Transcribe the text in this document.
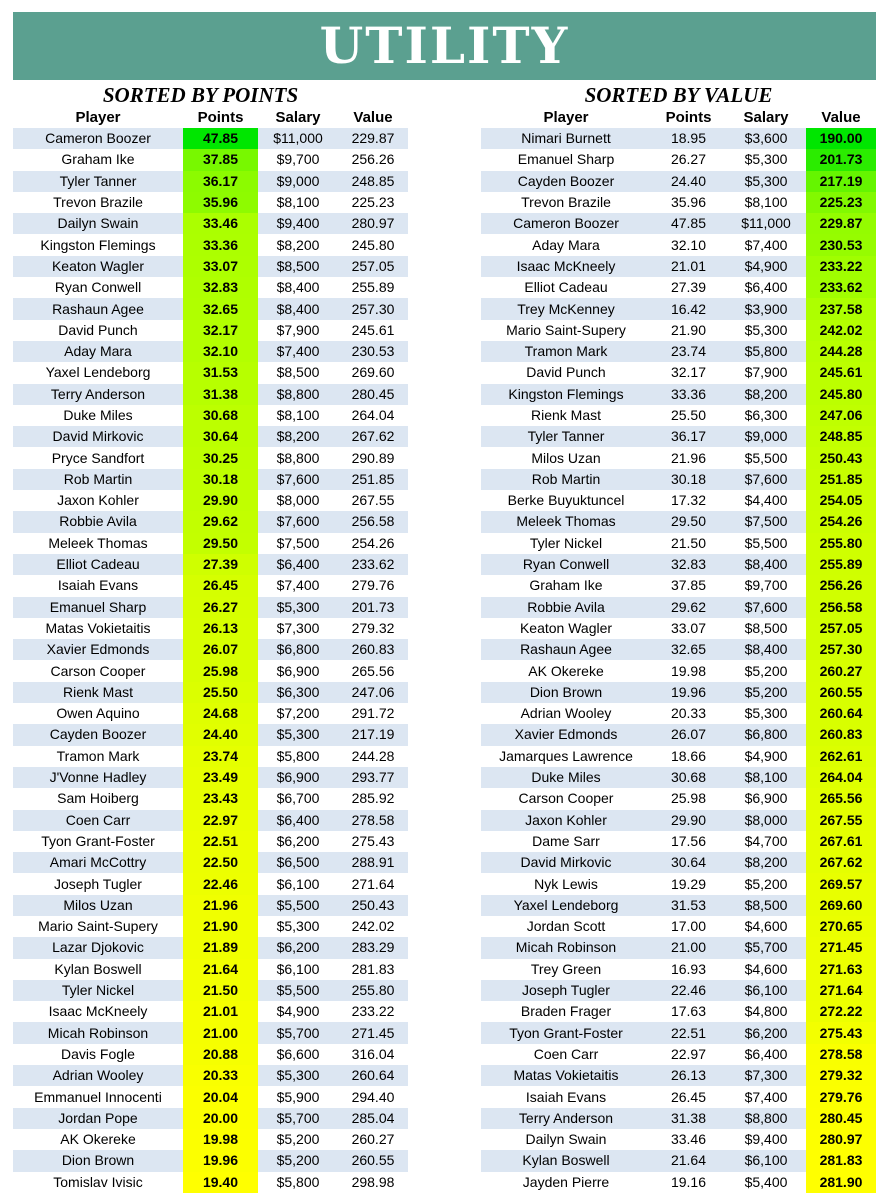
UTILITY
SORTED BY POINTS
Player	Points	Salary	Value
Cameron Boozer	47.85	$11,000	229.87
Graham Ike	37.85	$9,700	256.26
Tyler Tanner	36.17	$9,000	248.85
Trevon Brazile	35.96	$8,100	225.23
Dailyn Swain	33.46	$9,400	280.97
Kingston Flemings	33.36	$8,200	245.80
Keaton Wagler	33.07	$8,500	257.05
Ryan Conwell	32.83	$8,400	255.89
Rashaun Agee	32.65	$8,400	257.30
David Punch	32.17	$7,900	245.61
Aday Mara	32.10	$7,400	230.53
Yaxel Lendeborg	31.53	$8,500	269.60
Terry Anderson	31.38	$8,800	280.45
Duke Miles	30.68	$8,100	264.04
David Mirkovic	30.64	$8,200	267.62
Pryce Sandfort	30.25	$8,800	290.89
Rob Martin	30.18	$7,600	251.85
Jaxon Kohler	29.90	$8,000	267.55
Robbie Avila	29.62	$7,600	256.58
Meleek Thomas	29.50	$7,500	254.26
Elliot Cadeau	27.39	$6,400	233.62
Isaiah Evans	26.45	$7,400	279.76
Emanuel Sharp	26.27	$5,300	201.73
Matas Vokietaitis	26.13	$7,300	279.32
Xavier Edmonds	26.07	$6,800	260.83
Carson Cooper	25.98	$6,900	265.56
Rienk Mast	25.50	$6,300	247.06
Owen Aquino	24.68	$7,200	291.72
Cayden Boozer	24.40	$5,300	217.19
Tramon Mark	23.74	$5,800	244.28
J'Vonne Hadley	23.49	$6,900	293.77
Sam Hoiberg	23.43	$6,700	285.92
Coen Carr	22.97	$6,400	278.58
Tyon Grant-Foster	22.51	$6,200	275.43
Amari McCottry	22.50	$6,500	288.91
Joseph Tugler	22.46	$6,100	271.64
Milos Uzan	21.96	$5,500	250.43
Mario Saint-Supery	21.90	$5,300	242.02
Lazar Djokovic	21.89	$6,200	283.29
Kylan Boswell	21.64	$6,100	281.83
Tyler Nickel	21.50	$5,500	255.80
Isaac McKneely	21.01	$4,900	233.22
Micah Robinson	21.00	$5,700	271.45
Davis Fogle	20.88	$6,600	316.04
Adrian Wooley	20.33	$5,300	260.64
Emmanuel Innocenti	20.04	$5,900	294.40
Jordan Pope	20.00	$5,700	285.04
AK Okereke	19.98	$5,200	260.27
Dion Brown	19.96	$5,200	260.55
Tomislav Ivisic	19.40	$5,800	298.98
SORTED BY VALUE
Player	Points	Salary	Value
Nimari Burnett	18.95	$3,600	190.00
Emanuel Sharp	26.27	$5,300	201.73
Cayden Boozer	24.40	$5,300	217.19
Trevon Brazile	35.96	$8,100	225.23
Cameron Boozer	47.85	$11,000	229.87
Aday Mara	32.10	$7,400	230.53
Isaac McKneely	21.01	$4,900	233.22
Elliot Cadeau	27.39	$6,400	233.62
Trey McKenney	16.42	$3,900	237.58
Mario Saint-Supery	21.90	$5,300	242.02
Tramon Mark	23.74	$5,800	244.28
David Punch	32.17	$7,900	245.61
Kingston Flemings	33.36	$8,200	245.80
Rienk Mast	25.50	$6,300	247.06
Tyler Tanner	36.17	$9,000	248.85
Milos Uzan	21.96	$5,500	250.43
Rob Martin	30.18	$7,600	251.85
Berke Buyuktuncel	17.32	$4,400	254.05
Meleek Thomas	29.50	$7,500	254.26
Tyler Nickel	21.50	$5,500	255.80
Ryan Conwell	32.83	$8,400	255.89
Graham Ike	37.85	$9,700	256.26
Robbie Avila	29.62	$7,600	256.58
Keaton Wagler	33.07	$8,500	257.05
Rashaun Agee	32.65	$8,400	257.30
AK Okereke	19.98	$5,200	260.27
Dion Brown	19.96	$5,200	260.55
Adrian Wooley	20.33	$5,300	260.64
Xavier Edmonds	26.07	$6,800	260.83
Jamarques Lawrence	18.66	$4,900	262.61
Duke Miles	30.68	$8,100	264.04
Carson Cooper	25.98	$6,900	265.56
Jaxon Kohler	29.90	$8,000	267.55
Dame Sarr	17.56	$4,700	267.61
David Mirkovic	30.64	$8,200	267.62
Nyk Lewis	19.29	$5,200	269.57
Yaxel Lendeborg	31.53	$8,500	269.60
Jordan Scott	17.00	$4,600	270.65
Micah Robinson	21.00	$5,700	271.45
Trey Green	16.93	$4,600	271.63
Joseph Tugler	22.46	$6,100	271.64
Braden Frager	17.63	$4,800	272.22
Tyon Grant-Foster	22.51	$6,200	275.43
Coen Carr	22.97	$6,400	278.58
Matas Vokietaitis	26.13	$7,300	279.32
Isaiah Evans	26.45	$7,400	279.76
Terry Anderson	31.38	$8,800	280.45
Dailyn Swain	33.46	$9,400	280.97
Kylan Boswell	21.64	$6,100	281.83
Jayden Pierre	19.16	$5,400	281.90
